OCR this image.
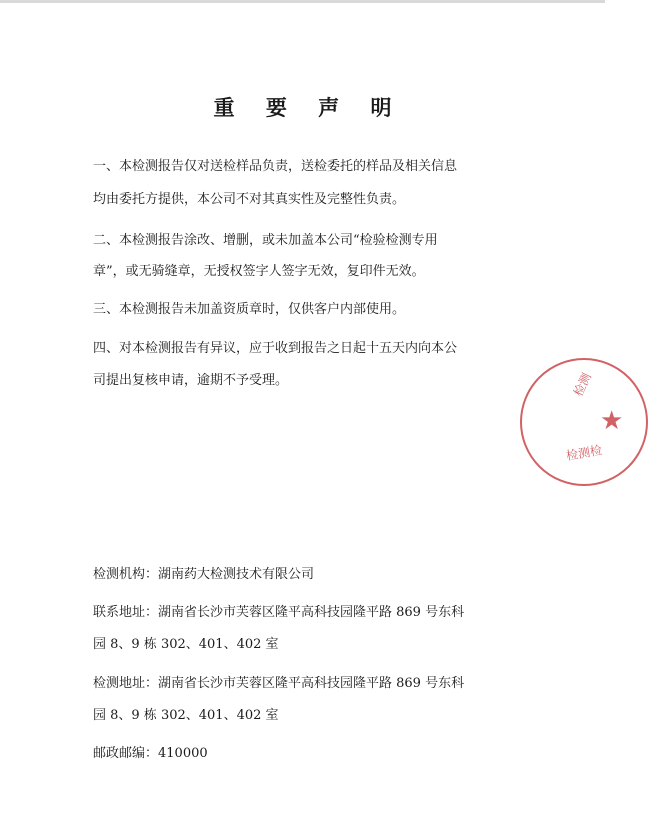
重 要 声 明
一、本检测报告仅对送检样品负责，送检委托的样品及相关信息
均由委托方提供，本公司不对其真实性及完整性负责。
二、本检测报告涂改、增删，或未加盖本公司“检验检测专用
章”，或无骑缝章，无授权签字人签字无效，复印件无效。
三、本检测报告未加盖资质章时，仅供客户内部使用。
四、对本检测报告有异议，应于收到报告之日起十五天内向本公
司提出复核申请，逾期不予受理。
检测机构：湖南药大检测技术有限公司
联系地址：湖南省长沙市芙蓉区隆平高科技园隆平路 869 号东科
园 8、9 栋 302、401、402 室
检测地址：湖南省长沙市芙蓉区隆平高科技园隆平路 869 号东科
园 8、9 栋 302、401、402 室
邮政邮编：410000
检测
★
检测检
